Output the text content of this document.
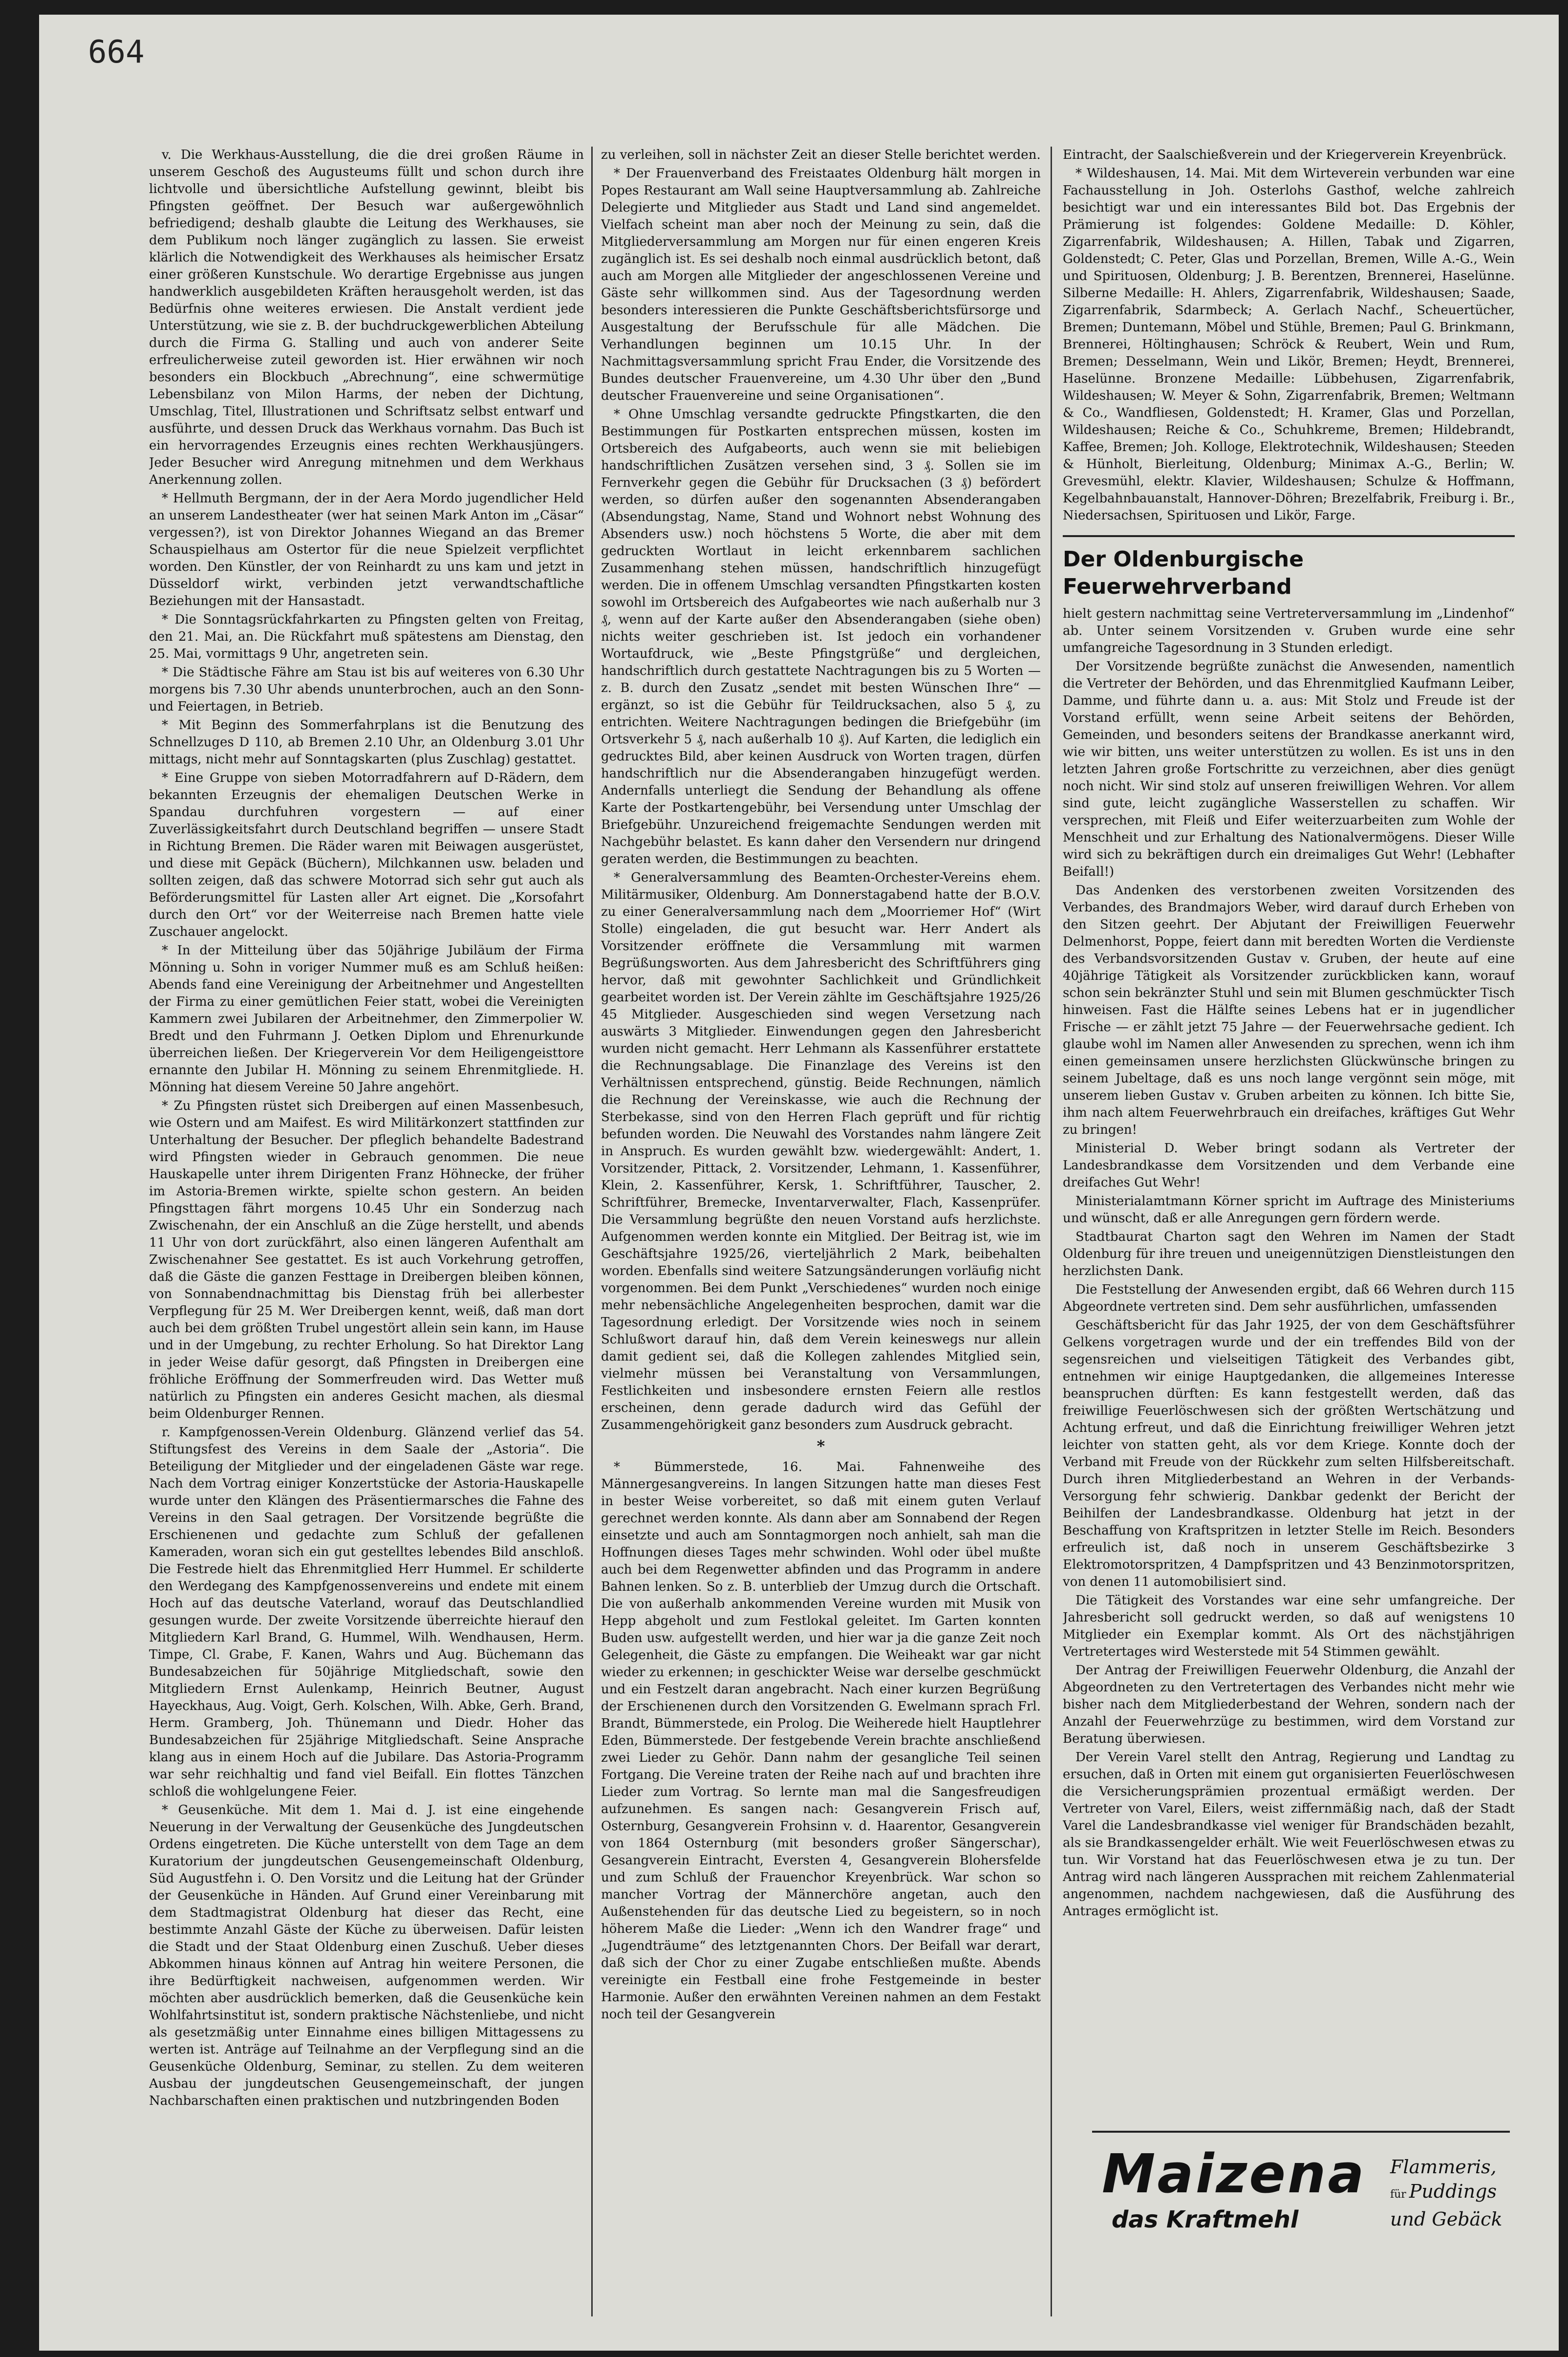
664

v. Die Werkhaus-Ausstellung, die die drei großen Räume in unserem Geschoß des Augusteums füllt und schon durch ihre lichtvolle und übersichtliche Aufstellung gewinnt, bleibt bis Pfingsten geöffnet. Der Besuch war außergewöhnlich befriedigend; deshalb glaubte die Leitung des Werkhauses, sie dem Publikum noch länger zugänglich zu lassen. Sie erweist klärlich die Notwendigkeit des Werkhauses als heimischer Ersatz einer größeren Kunstschule. Wo derartige Ergebnisse aus jungen handwerklich ausgebildeten Kräften herausgeholt werden, ist das Bedürfnis ohne weiteres erwiesen. Die Anstalt verdient jede Unterstützung, wie sie z. B. der buchdruckgewerblichen Abteilung durch die Firma G. Stalling und auch von anderer Seite erfreulicherweise zuteil geworden ist. Hier erwähnen wir noch besonders ein Blockbuch „Abrechnung“, eine schwermütige Lebensbilanz von Milon Harms, der neben der Dichtung, Umschlag, Titel, Illustrationen und Schriftsatz selbst entwarf und ausführte, und dessen Druck das Werkhaus vornahm. Das Buch ist ein hervorragendes Erzeugnis eines rechten Werkhausjüngers. Jeder Besucher wird Anregung mitnehmen und dem Werkhaus Anerkennung zollen.

* Hellmuth Bergmann, der in der Aera Mordo jugendlicher Held an unserem Landestheater (wer hat seinen Mark Anton im „Cäsar“ vergessen?), ist von Direktor Johannes Wiegand an das Bremer Schauspielhaus am Ostertor für die neue Spielzeit verpflichtet worden. Den Künstler, der von Reinhardt zu uns kam und jetzt in Düsseldorf wirkt, verbinden jetzt verwandtschaftliche Beziehungen mit der Hansastadt.

* Die Sonntagsrückfahrkarten zu Pfingsten gelten von Freitag, den 21. Mai, an. Die Rückfahrt muß spätestens am Dienstag, den 25. Mai, vormittags 9 Uhr, angetreten sein.

* Die Städtische Fähre am Stau ist bis auf weiteres von 6.30 Uhr morgens bis 7.30 Uhr abends ununterbrochen, auch an den Sonn- und Feiertagen, in Betrieb.

* Mit Beginn des Sommerfahrplans ist die Benutzung des Schnellzuges D 110, ab Bremen 2.10 Uhr, an Oldenburg 3.01 Uhr mittags, nicht mehr auf Sonntagskarten (plus Zuschlag) gestattet.

* Eine Gruppe von sieben Motorradfahrern auf D-Rädern, dem bekannten Erzeugnis der ehemaligen Deutschen Werke in Spandau durchfuhren vorgestern — auf einer Zuverlässigkeitsfahrt durch Deutschland begriffen — unsere Stadt in Richtung Bremen. Die Räder waren mit Beiwagen ausgerüstet, und diese mit Gepäck (Büchern), Milchkannen usw. beladen und sollten zeigen, daß das schwere Motorrad sich sehr gut auch als Beförderungsmittel für Lasten aller Art eignet. Die „Korsofahrt durch den Ort“ vor der Weiterreise nach Bremen hatte viele Zuschauer angelockt.

* In der Mitteilung über das 50jährige Jubiläum der Firma Mönning u. Sohn in voriger Nummer muß es am Schluß heißen: Abends fand eine Vereinigung der Arbeitnehmer und Angestellten der Firma zu einer gemütlichen Feier statt, wobei die Vereinigten Kammern zwei Jubilaren der Arbeitnehmer, den Zimmerpolier W. Bredt und den Fuhrmann J. Oetken Diplom und Ehrenurkunde überreichen ließen. Der Kriegerverein Vor dem Heiligengeisttore ernannte den Jubilar H. Mönning zu seinem Ehrenmitgliede. H. Mönning hat diesem Vereine 50 Jahre angehört.

* Zu Pfingsten rüstet sich Dreibergen auf einen Massenbesuch, wie Ostern und am Maifest. Es wird Militärkonzert stattfinden zur Unterhaltung der Besucher. Der pfleglich behandelte Badestrand wird Pfingsten wieder in Gebrauch genommen. Die neue Hauskapelle unter ihrem Dirigenten Franz Höhnecke, der früher im Astoria-Bremen wirkte, spielte schon gestern. An beiden Pfingsttagen fährt morgens 10.45 Uhr ein Sonderzug nach Zwischenahn, der ein Anschluß an die Züge herstellt, und abends 11 Uhr von dort zurückfährt, also einen längeren Aufenthalt am Zwischenahner See gestattet. Es ist auch Vorkehrung getroffen, daß die Gäste die ganzen Festtage in Dreibergen bleiben können, von Sonnabendnachmittag bis Dienstag früh bei allerbester Verpflegung für 25 M. Wer Dreibergen kennt, weiß, daß man dort auch bei dem größten Trubel ungestört allein sein kann, im Hause und in der Umgebung, zu rechter Erholung. So hat Direktor Lang in jeder Weise dafür gesorgt, daß Pfingsten in Dreibergen eine fröhliche Eröffnung der Sommerfreuden wird. Das Wetter muß natürlich zu Pfingsten ein anderes Gesicht machen, als diesmal beim Oldenburger Rennen.

r. Kampfgenossen-Verein Oldenburg. Glänzend verlief das 54. Stiftungsfest des Vereins in dem Saale der „Astoria“. Die Beteiligung der Mitglieder und der eingeladenen Gäste war rege. Nach dem Vortrag einiger Konzertstücke der Astoria-Hauskapelle wurde unter den Klängen des Präsentiermarsches die Fahne des Vereins in den Saal getragen. Der Vorsitzende begrüßte die Erschienenen und gedachte zum Schluß der gefallenen Kameraden, woran sich ein gut gestelltes lebendes Bild anschloß. Die Festrede hielt das Ehrenmitglied Herr Hummel. Er schilderte den Werdegang des Kampfgenossenvereins und endete mit einem Hoch auf das deutsche Vaterland, worauf das Deutschlandlied gesungen wurde. Der zweite Vorsitzende überreichte hierauf den Mitgliedern Karl Brand, G. Hummel, Wilh. Wendhausen, Herm. Timpe, Cl. Grabe, F. Kanen, Wahrs und Aug. Büchemann das Bundesabzeichen für 50jährige Mitgliedschaft, sowie den Mitgliedern Ernst Aulenkamp, Heinrich Beutner, August Hayeckhaus, Aug. Voigt, Gerh. Kolschen, Wilh. Abke, Gerh. Brand, Herm. Gramberg, Joh. Thünemann und Diedr. Hoher das Bundesabzeichen für 25jährige Mitgliedschaft. Seine Ansprache klang aus in einem Hoch auf die Jubilare. Das Astoria-Programm war sehr reichhaltig und fand viel Beifall. Ein flottes Tänzchen schloß die wohlgelungene Feier.

* Geusenküche. Mit dem 1. Mai d. J. ist eine eingehende Neuerung in der Verwaltung der Geusenküche des Jungdeutschen Ordens eingetreten. Die Küche unterstellt von dem Tage an dem Kuratorium der jungdeutschen Geusengemeinschaft Oldenburg, Süd Augustfehn i. O. Den Vorsitz und die Leitung hat der Gründer der Geusenküche in Händen. Auf Grund einer Vereinbarung mit dem Stadtmagistrat Oldenburg hat dieser das Recht, eine bestimmte Anzahl Gäste der Küche zu überweisen. Dafür leisten die Stadt und der Staat Oldenburg einen Zuschuß. Ueber dieses Abkommen hinaus können auf Antrag hin weitere Personen, die ihre Bedürftigkeit nachweisen, aufgenommen werden. Wir möchten aber ausdrücklich bemerken, daß die Geusenküche kein Wohlfahrtsinstitut ist, sondern praktische Nächstenliebe, und nicht als gesetzmäßig unter Einnahme eines billigen Mittagessens zu werten ist. Anträge auf Teilnahme an der Verpflegung sind an die Geusenküche Oldenburg, Seminar, zu stellen. Zu dem weiteren Ausbau der jungdeutschen Geusengemeinschaft, der jungen Nachbarschaften einen praktischen und nutzbringenden Boden

zu verleihen, soll in nächster Zeit an dieser Stelle berichtet werden.

* Der Frauenverband des Freistaates Oldenburg hält morgen in Popes Restaurant am Wall seine Hauptversammlung ab. Zahlreiche Delegierte und Mitglieder aus Stadt und Land sind angemeldet. Vielfach scheint man aber noch der Meinung zu sein, daß die Mitgliederversammlung am Morgen nur für einen engeren Kreis zugänglich ist. Es sei deshalb noch einmal ausdrücklich betont, daß auch am Morgen alle Mitglieder der angeschlossenen Vereine und Gäste sehr willkommen sind. Aus der Tagesordnung werden besonders interessieren die Punkte Geschäftsberichtsfürsorge und Ausgestaltung der Berufsschule für alle Mädchen. Die Verhandlungen beginnen um 10.15 Uhr. In der Nachmittagsversammlung spricht Frau Ender, die Vorsitzende des Bundes deutscher Frauenvereine, um 4.30 Uhr über den „Bund deutscher Frauenvereine und seine Organisationen“.

* Ohne Umschlag versandte gedruckte Pfingstkarten, die den Bestimmungen für Postkarten entsprechen müssen, kosten im Ortsbereich des Aufgabeorts, auch wenn sie mit beliebigen handschriftlichen Zusätzen versehen sind, 3 ₰. Sollen sie im Fernverkehr gegen die Gebühr für Drucksachen (3 ₰) befördert werden, so dürfen außer den sogenannten Absenderangaben (Absendungstag, Name, Stand und Wohnort nebst Wohnung des Absenders usw.) noch höchstens 5 Worte, die aber mit dem gedruckten Wortlaut in leicht erkennbarem sachlichen Zusammenhang stehen müssen, handschriftlich hinzugefügt werden. Die in offenem Umschlag versandten Pfingstkarten kosten sowohl im Ortsbereich des Aufgabeortes wie nach außerhalb nur 3 ₰, wenn auf der Karte außer den Absenderangaben (siehe oben) nichts weiter geschrieben ist. Ist jedoch ein vorhandener Wortaufdruck, wie „Beste Pfingstgrüße“ und dergleichen, handschriftlich durch gestattete Nachtragungen bis zu 5 Worten — z. B. durch den Zusatz „sendet mit besten Wünschen Ihre“ — ergänzt, so ist die Gebühr für Teildrucksachen, also 5 ₰, zu entrichten. Weitere Nachtragungen bedingen die Briefgebühr (im Ortsverkehr 5 ₰, nach außerhalb 10 ₰). Auf Karten, die lediglich ein gedrucktes Bild, aber keinen Ausdruck von Worten tragen, dürfen handschriftlich nur die Absenderangaben hinzugefügt werden. Andernfalls unterliegt die Sendung der Behandlung als offene Karte der Postkartengebühr, bei Versendung unter Umschlag der Briefgebühr. Unzureichend freigemachte Sendungen werden mit Nachgebühr belastet. Es kann daher den Versendern nur dringend geraten werden, die Bestimmungen zu beachten.

* Generalversammlung des Beamten-Orchester-Vereins ehem. Militärmusiker, Oldenburg. Am Donnerstagabend hatte der B.O.V. zu einer Generalversammlung nach dem „Moorriemer Hof“ (Wirt Stolle) eingeladen, die gut besucht war. Herr Andert als Vorsitzender eröffnete die Versammlung mit warmen Begrüßungsworten. Aus dem Jahresbericht des Schriftführers ging hervor, daß mit gewohnter Sachlichkeit und Gründlichkeit gearbeitet worden ist. Der Verein zählte im Geschäftsjahre 1925/26 45 Mitglieder. Ausgeschieden sind wegen Versetzung nach auswärts 3 Mitglieder. Einwendungen gegen den Jahresbericht wurden nicht gemacht. Herr Lehmann als Kassenführer erstattete die Rechnungsablage. Die Finanzlage des Vereins ist den Verhältnissen entsprechend, günstig. Beide Rechnungen, nämlich die Rechnung der Vereinskasse, wie auch die Rechnung der Sterbekasse, sind von den Herren Flach geprüft und für richtig befunden worden. Die Neuwahl des Vorstandes nahm längere Zeit in Anspruch. Es wurden gewählt bzw. wiedergewählt: Andert, 1. Vorsitzender, Pittack, 2. Vorsitzender, Lehmann, 1. Kassenführer, Klein, 2. Kassenführer, Kersk, 1. Schriftführer, Tauscher, 2. Schriftführer, Bremecke, Inventarverwalter, Flach, Kassenprüfer. Die Versammlung begrüßte den neuen Vorstand aufs herzlichste. Aufgenommen werden konnte ein Mitglied. Der Beitrag ist, wie im Geschäftsjahre 1925/26, vierteljährlich 2 Mark, beibehalten worden. Ebenfalls sind weitere Satzungsänderungen vorläufig nicht vorgenommen. Bei dem Punkt „Verschiedenes“ wurden noch einige mehr nebensächliche Angelegenheiten besprochen, damit war die Tagesordnung erledigt. Der Vorsitzende wies noch in seinem Schlußwort darauf hin, daß dem Verein keineswegs nur allein damit gedient sei, daß die Kollegen zahlendes Mitglied sein, vielmehr müssen bei Veranstaltung von Versammlungen, Festlichkeiten und insbesondere ernsten Feiern alle restlos erscheinen, denn gerade dadurch wird das Gefühl der Zusammengehörigkeit ganz besonders zum Ausdruck gebracht.

*

* Bümmerstede, 16. Mai. Fahnenweihe des Männergesangvereins. In langen Sitzungen hatte man dieses Fest in bester Weise vorbereitet, so daß mit einem guten Verlauf gerechnet werden konnte. Als dann aber am Sonnabend der Regen einsetzte und auch am Sonntagmorgen noch anhielt, sah man die Hoffnungen dieses Tages mehr schwinden. Wohl oder übel mußte auch bei dem Regenwetter abfinden und das Programm in andere Bahnen lenken. So z. B. unterblieb der Umzug durch die Ortschaft. Die von außerhalb ankommenden Vereine wurden mit Musik von Hepp abgeholt und zum Festlokal geleitet. Im Garten konnten Buden usw. aufgestellt werden, und hier war ja die ganze Zeit noch Gelegenheit, die Gäste zu empfangen. Die Weiheakt war gar nicht wieder zu erkennen; in geschickter Weise war derselbe geschmückt und ein Festzelt daran angebracht. Nach einer kurzen Begrüßung der Erschienenen durch den Vorsitzenden G. Ewelmann sprach Frl. Brandt, Bümmerstede, ein Prolog. Die Weiherede hielt Hauptlehrer Eden, Bümmerstede. Der festgebende Verein brachte anschließend zwei Lieder zu Gehör. Dann nahm der gesangliche Teil seinen Fortgang. Die Vereine traten der Reihe nach auf und brachten ihre Lieder zum Vortrag. So lernte man mal die Sangesfreudigen aufzunehmen. Es sangen nach: Gesangverein Frisch auf, Osternburg, Gesangverein Frohsinn v. d. Haarentor, Gesangverein von 1864 Osternburg (mit besonders großer Sängerschar), Gesangverein Eintracht, Eversten 4, Gesangverein Blohersfelde und zum Schluß der Frauenchor Kreyenbrück. War schon so mancher Vortrag der Männerchöre angetan, auch den Außenstehenden für das deutsche Lied zu begeistern, so in noch höherem Maße die Lieder: „Wenn ich den Wandrer frage“ und „Jugendträume“ des letztgenannten Chors. Der Beifall war derart, daß sich der Chor zu einer Zugabe entschließen mußte. Abends vereinigte ein Festball eine frohe Festgemeinde in bester Harmonie. Außer den erwähnten Vereinen nahmen an dem Festakt noch teil der Gesangverein

Eintracht, der Saalschießverein und der Kriegerverein Kreyenbrück.

* Wildeshausen, 14. Mai. Mit dem Wirteverein verbunden war eine Fachausstellung in Joh. Osterlohs Gasthof, welche zahlreich besichtigt war und ein interessantes Bild bot. Das Ergebnis der Prämierung ist folgendes: Goldene Medaille: D. Köhler, Zigarrenfabrik, Wildeshausen; A. Hillen, Tabak und Zigarren, Goldenstedt; C. Peter, Glas und Porzellan, Bremen, Wille A.-G., Wein und Spirituosen, Oldenburg; J. B. Berentzen, Brennerei, Haselünne. Silberne Medaille: H. Ahlers, Zigarrenfabrik, Wildeshausen; Saade, Zigarrenfabrik, Sdarmbeck; A. Gerlach Nachf., Scheuertücher, Bremen; Duntemann, Möbel und Stühle, Bremen; Paul G. Brinkmann, Brennerei, Höltinghausen; Schröck & Reubert, Wein und Rum, Bremen; Desselmann, Wein und Likör, Bremen; Heydt, Brennerei, Haselünne. Bronzene Medaille: Lübbehusen, Zigarrenfabrik, Wildeshausen; W. Meyer & Sohn, Zigarrenfabrik, Bremen; Weltmann & Co., Wandfliesen, Goldenstedt; H. Kramer, Glas und Porzellan, Wildeshausen; Reiche & Co., Schuhkreme, Bremen; Hildebrandt, Kaffee, Bremen; Joh. Kolloge, Elektrotechnik, Wildeshausen; Steeden & Hünholt, Bierleitung, Oldenburg; Minimax A.-G., Berlin; W. Grevesmühl, elektr. Klavier, Wildeshausen; Schulze & Hoffmann, Kegelbahnbauanstalt, Hannover-Döhren; Brezelfabrik, Freiburg i. Br., Niedersachsen, Spirituosen und Likör, Farge.

Der Oldenburgische Feuerwehrverband

hielt gestern nachmittag seine Vertreterversammlung im „Lindenhof“ ab. Unter seinem Vorsitzenden v. Gruben wurde eine sehr umfangreiche Tagesordnung in 3 Stunden erledigt.

Der Vorsitzende begrüßte zunächst die Anwesenden, namentlich die Vertreter der Behörden, und das Ehrenmitglied Kaufmann Leiber, Damme, und führte dann u. a. aus: Mit Stolz und Freude ist der Vorstand erfüllt, wenn seine Arbeit seitens der Behörden, Gemeinden, und besonders seitens der Brandkasse anerkannt wird, wie wir bitten, uns weiter unterstützen zu wollen. Es ist uns in den letzten Jahren große Fortschritte zu verzeichnen, aber dies genügt noch nicht. Wir sind stolz auf unseren freiwilligen Wehren. Vor allem sind gute, leicht zugängliche Wasserstellen zu schaffen. Wir versprechen, mit Fleiß und Eifer weiterzuarbeiten zum Wohle der Menschheit und zur Erhaltung des Nationalvermögens. Dieser Wille wird sich zu bekräftigen durch ein dreimaliges Gut Wehr! (Lebhafter Beifall!)

Das Andenken des verstorbenen zweiten Vorsitzenden des Verbandes, des Brandmajors Weber, wird darauf durch Erheben von den Sitzen geehrt. Der Abjutant der Freiwilligen Feuerwehr Delmenhorst, Poppe, feiert dann mit beredten Worten die Verdienste des Verbandsvorsitzenden Gustav v. Gruben, der heute auf eine 40jährige Tätigkeit als Vorsitzender zurückblicken kann, worauf schon sein bekränzter Stuhl und sein mit Blumen geschmückter Tisch hinweisen. Fast die Hälfte seines Lebens hat er in jugendlicher Frische — er zählt jetzt 75 Jahre — der Feuerwehrsache gedient. Ich glaube wohl im Namen aller Anwesenden zu sprechen, wenn ich ihm einen gemeinsamen unsere herzlichsten Glückwünsche bringen zu seinem Jubeltage, daß es uns noch lange vergönnt sein möge, mit unserem lieben Gustav v. Gruben arbeiten zu können. Ich bitte Sie, ihm nach altem Feuerwehrbrauch ein dreifaches, kräftiges Gut Wehr zu bringen!

Ministerial D. Weber bringt sodann als Vertreter der Landesbrandkasse dem Vorsitzenden und dem Verbande eine dreifaches Gut Wehr!

Ministerialamtmann Körner spricht im Auftrage des Ministeriums und wünscht, daß er alle Anregungen gern fördern werde.

Stadtbaurat Charton sagt den Wehren im Namen der Stadt Oldenburg für ihre treuen und uneigennützigen Dienstleistungen den herzlichsten Dank.

Die Feststellung der Anwesenden ergibt, daß 66 Wehren durch 115 Abgeordnete vertreten sind. Dem sehr ausführlichen, umfassenden

Geschäftsbericht für das Jahr 1925, der von dem Geschäftsführer Gelkens vorgetragen wurde und der ein treffendes Bild von der segensreichen und vielseitigen Tätigkeit des Verbandes gibt, entnehmen wir einige Hauptgedanken, die allgemeines Interesse beanspruchen dürften: Es kann festgestellt werden, daß das freiwillige Feuerlöschwesen sich der größten Wertschätzung und Achtung erfreut, und daß die Einrichtung freiwilliger Wehren jetzt leichter von statten geht, als vor dem Kriege. Konnte doch der Verband mit Freude von der Rückkehr zum selten Hilfsbereitschaft. Durch ihren Mitgliederbestand an Wehren in der Verbands- Versorgung fehr schwierig. Dankbar gedenkt der Bericht der Beihilfen der Landesbrandkasse. Oldenburg hat jetzt in der Beschaffung von Kraftspritzen in letzter Stelle im Reich. Besonders erfreulich ist, daß noch in unserem Geschäftsbezirke 3 Elektromotorspritzen, 4 Dampfspritzen und 43 Benzinmotorspritzen, von denen 11 automobilisiert sind.

Die Tätigkeit des Vorstandes war eine sehr umfangreiche. Der Jahresbericht soll gedruckt werden, so daß auf wenigstens 10 Mitglieder ein Exemplar kommt. Als Ort des nächstjährigen Vertretertages wird Westerstede mit 54 Stimmen gewählt.

Der Antrag der Freiwilligen Feuerwehr Oldenburg, die Anzahl der Abgeordneten zu den Vertretertagen des Verbandes nicht mehr wie bisher nach dem Mitgliederbestand der Wehren, sondern nach der Anzahl der Feuerwehrzüge zu bestimmen, wird dem Vorstand zur Beratung überwiesen.

Der Verein Varel stellt den Antrag, Regierung und Landtag zu ersuchen, daß in Orten mit einem gut organisierten Feuerlöschwesen die Versicherungsprämien prozentual ermäßigt werden. Der Vertreter von Varel, Eilers, weist ziffernmäßig nach, daß der Stadt Varel die Landesbrandkasse viel weniger für Brandschäden bezahlt, als sie Brandkassengelder erhält. Wie weit Feuerlöschwesen etwas zu tun. Wir Vorstand hat das Feuerlöschwesen etwa je zu tun. Der Antrag wird nach längeren Aussprachen mit reichem Zahlenmaterial angenommen, nachdem nachgewiesen, daß die Ausführung des Antrages ermöglicht ist.

Maizena
das Kraftmehl
Flammeris,
für Puddings
und Gebäck
